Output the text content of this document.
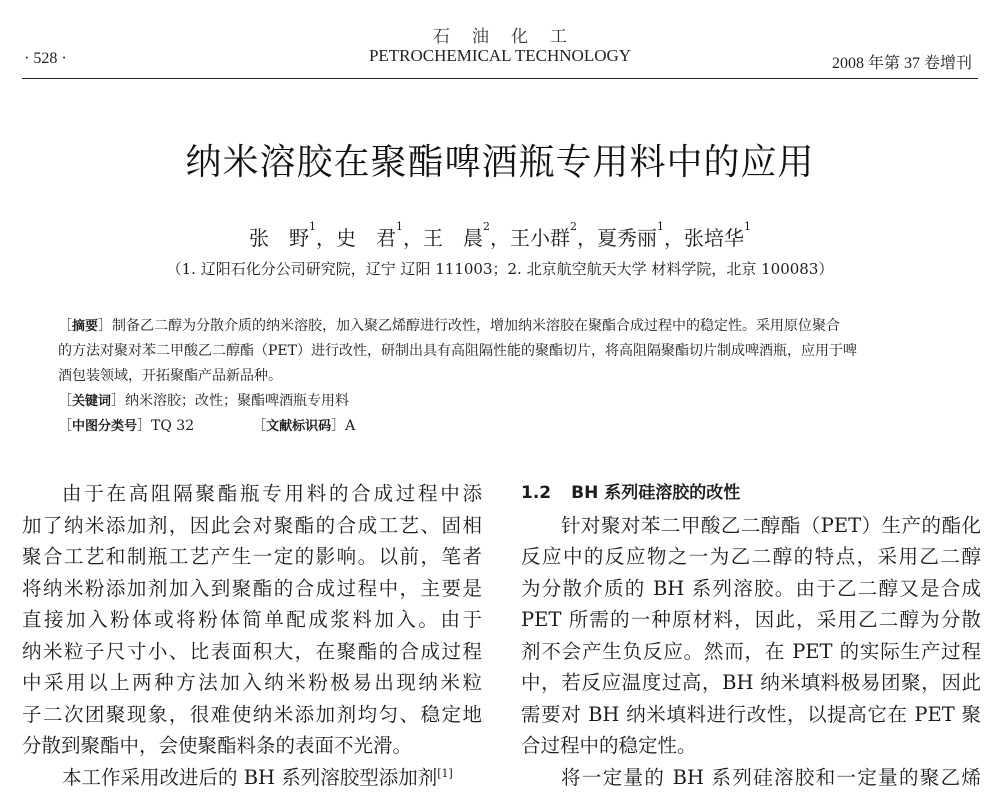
石油化工
· 528 ·	PETROCHEMICAL TECHNOLOGY	2008 年第 37 卷增刊
纳米溶胶在聚酯啤酒瓶专用料中的应用
张　野$^1$，史　君$^1$，王　晨$^2$，王小群$^2$，夏秀丽$^1$，张培华$^1$
（1. 辽阳石化分公司研究院，辽宁 辽阳 111003；2. 北京航空航天大学 材料学院，北京 100083）
［摘要］制备乙二醇为分散介质的纳米溶胶，加入聚乙烯醇进行改性，增加纳米溶胶在聚酯合成过程中的稳定性。采用原位聚合
的方法对聚对苯二甲酸乙二醇酯（PET）进行改性，研制出具有高阻隔性能的聚酯切片，将高阻隔聚酯切片制成啤酒瓶，应用于啤
酒包装领域，开拓聚酯产品新品种。
［关键词］纳米溶胶；改性；聚酯啤酒瓶专用料
［中图分类号］TQ 32	［文献标识码］A
由于在高阻隔聚酯瓶专用料的合成过程中添
加了纳米添加剂，因此会对聚酯的合成工艺、固相
聚合工艺和制瓶工艺产生一定的影响。以前，笔者
将纳米粉添加剂加入到聚酯的合成过程中，主要是
直接加入粉体或将粉体简单配成浆料加入。由于
纳米粒子尺寸小、比表面积大，在聚酯的合成过程
中采用以上两种方法加入纳米粉极易出现纳米粒
子二次团聚现象，很难使纳米添加剂均匀、稳定地
分散到聚酯中，会使聚酯料条的表面不光滑。
本工作采用改进后的 BH 系列溶胶型添加剂[1]
1.2 BH 系列硅溶胶的改性
针对聚对苯二甲酸乙二醇酯（PET）生产的酯化
反应中的反应物之一为乙二醇的特点，采用乙二醇
为分散介质的 BH 系列溶胶。由于乙二醇又是合成
PET 所需的一种原材料，因此，采用乙二醇为分散
剂不会产生负反应。然而，在 PET 的实际生产过程
中，若反应温度过高，BH 纳米填料极易团聚，因此
需要对 BH 纳米填料进行改性，以提高它在 PET 聚
合过程中的稳定性。
将一定量的 BH 系列硅溶胶和一定量的聚乙烯
